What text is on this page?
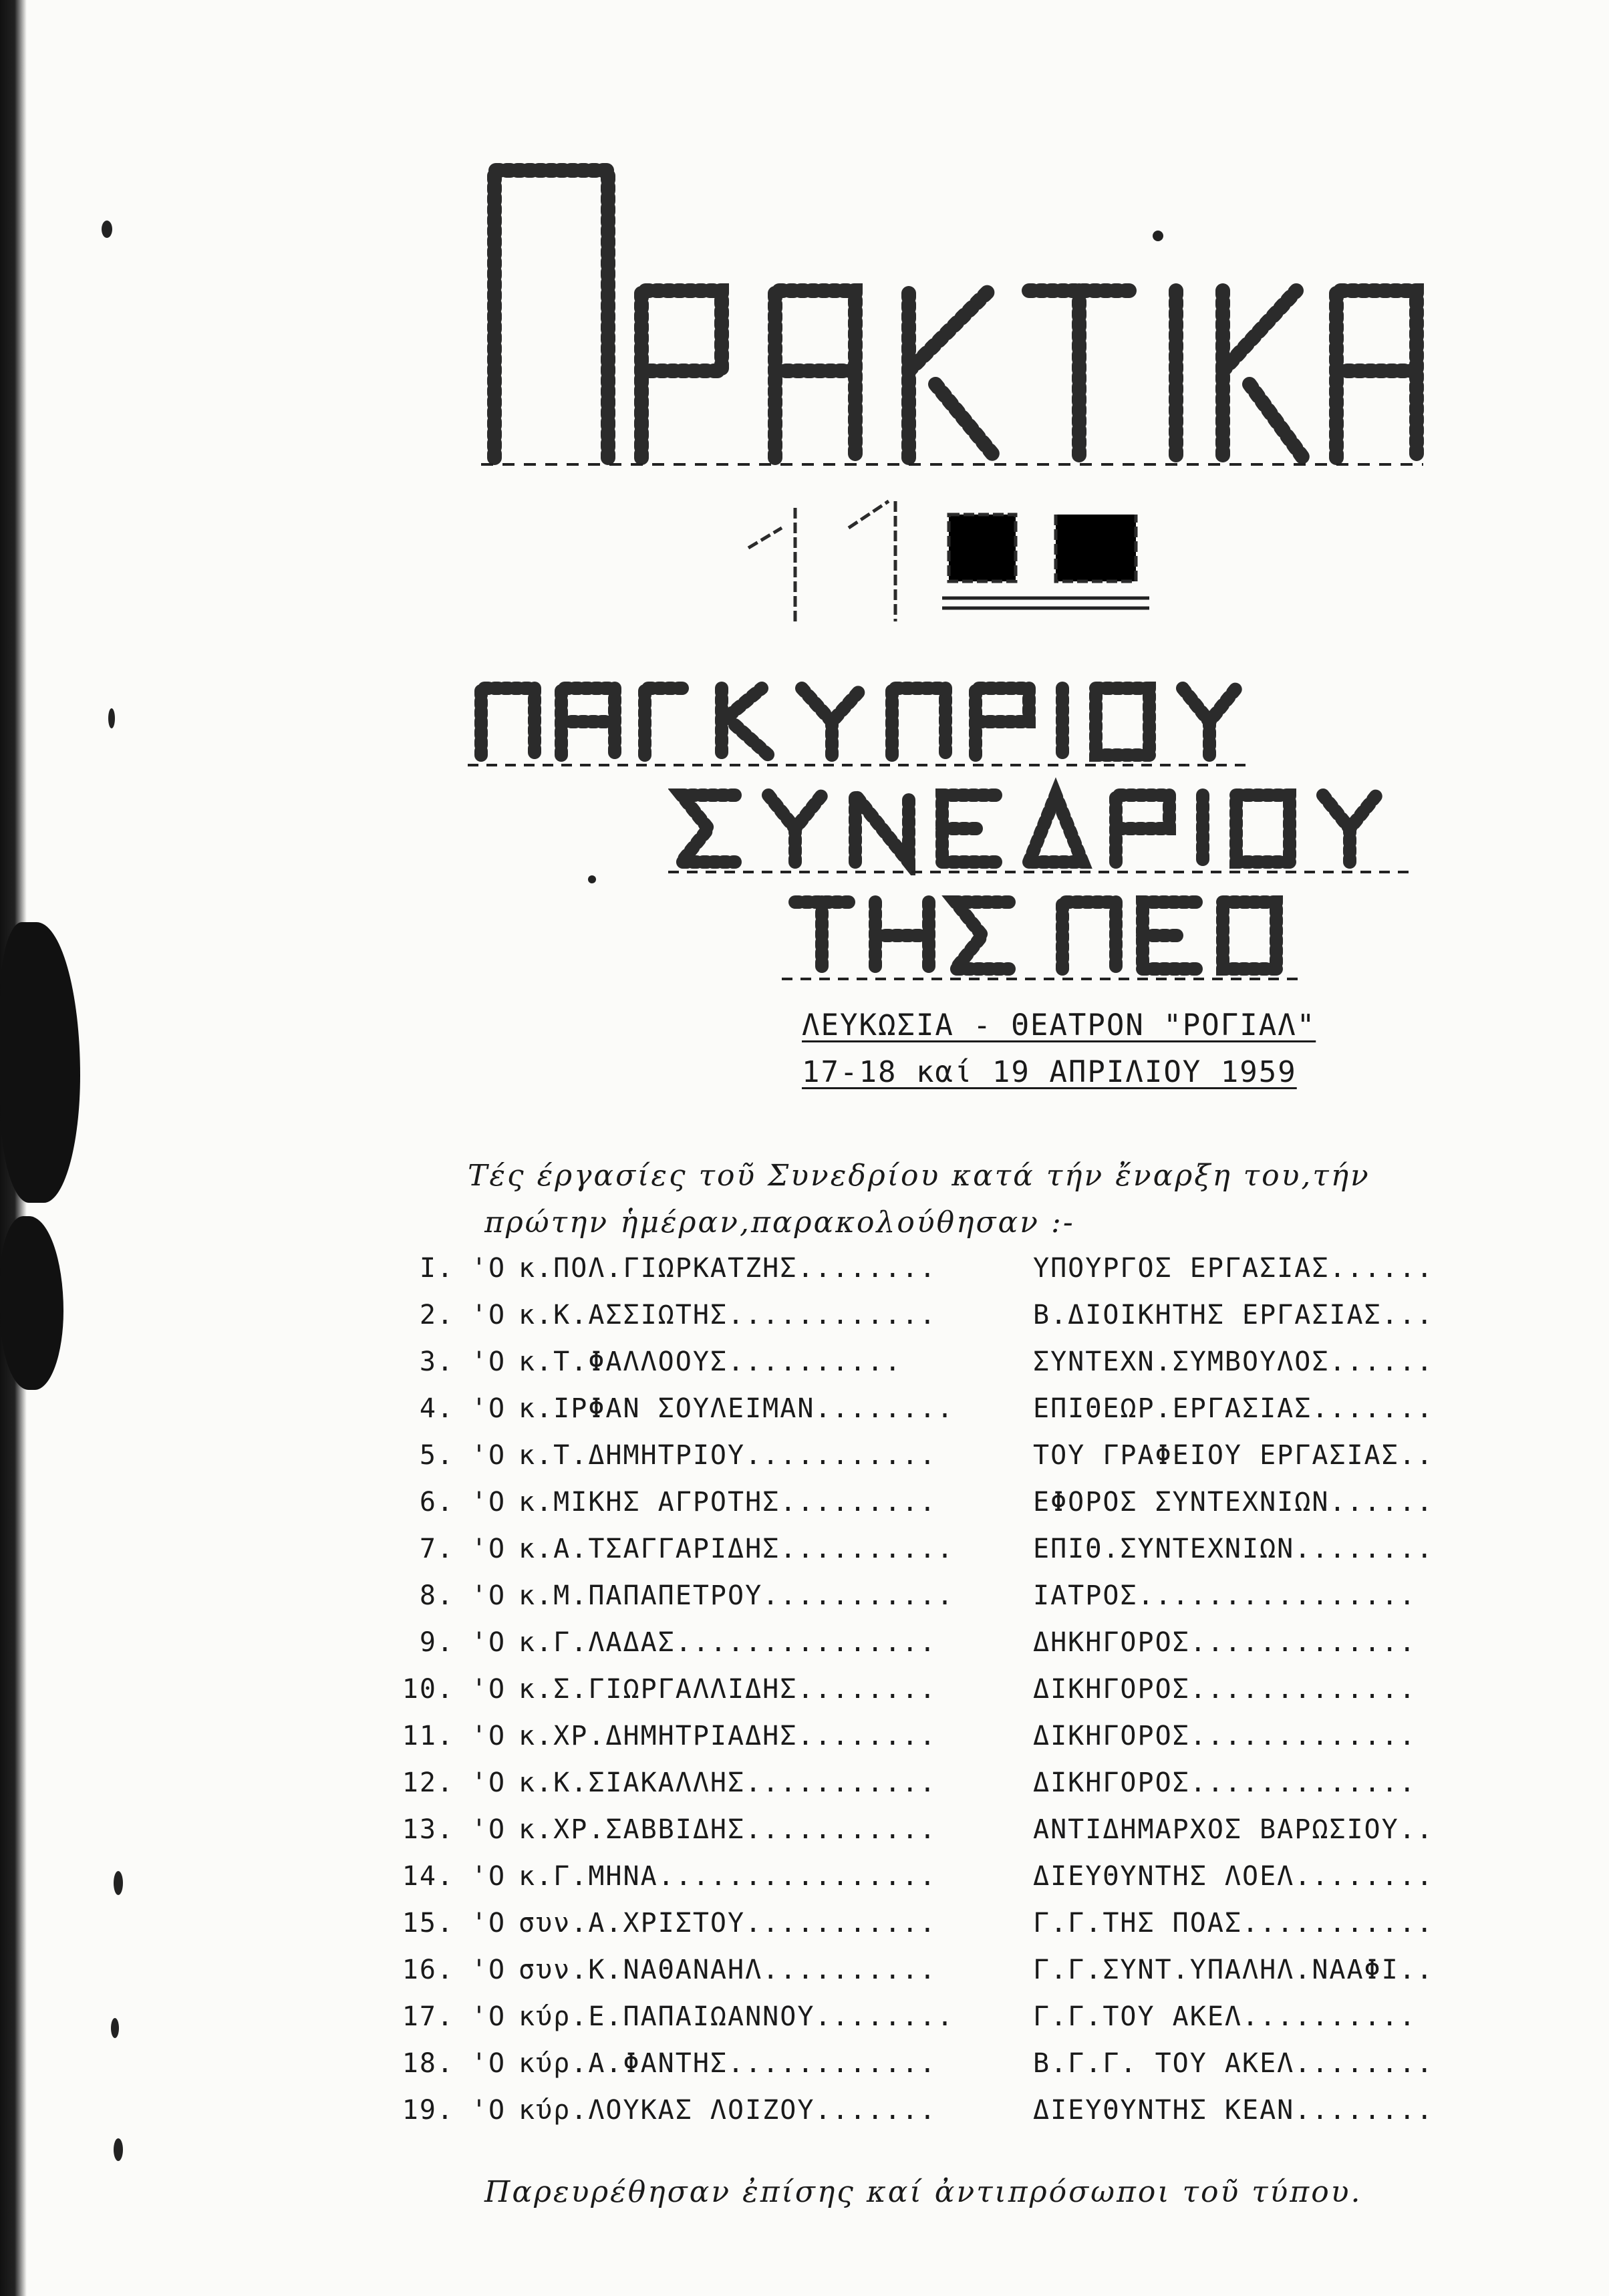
ΛΕΥΚΩΣΙΑ - ΘΕΑΤΡΟΝ "ΡΟΓΙΑΛ"
17-18 καί 19 ΑΠΡΙΛΙΟΥ 1959
Τές έργασίες τοῦ Συνεδρίου κατά τήν ἔναρξη του,τήν
πρώτην ἡμέραν,παρακολούθησαν :-
I. 'Ο κ.ΠΟΛ.ΓΙΩΡΚΑΤΖΗΣ........	ΥΠΟΥΡΓΟΣ ΕΡΓΑΣΙΑΣ......
2. 'Ο κ.Κ.ΑΣΣΙΩΤΗΣ............	Β.ΔΙΟΙΚΗΤΗΣ ΕΡΓΑΣΙΑΣ...
3. 'Ο κ.Τ.ΦΑΛΛΟΟΥΣ..........	ΣΥΝΤΕΧΝ.ΣΥΜΒΟΥΛΟΣ......
4. 'Ο κ.ΙΡΦΑΝ ΣΟΥΛΕΙΜΑΝ........	ΕΠΙΘΕΩΡ.ΕΡΓΑΣΙΑΣ.......
5. 'Ο κ.Τ.ΔΗΜΗΤΡΙΟΥ...........	ΤΟΥ ΓΡΑΦΕΙΟΥ ΕΡΓΑΣΙΑΣ..
6. 'Ο κ.ΜΙΚΗΣ ΑΓΡΟΤΗΣ.........	ΕΦΟΡΟΣ ΣΥΝΤΕΧΝΙΩΝ......
7. 'Ο κ.Α.ΤΣΑΓΓΑΡΙΔΗΣ..........	ΕΠΙΘ.ΣΥΝΤΕΧΝΙΩΝ........
8. 'Ο κ.Μ.ΠΑΠΑΠΕΤΡΟΥ...........	ΙΑΤΡΟΣ................
9. 'Ο κ.Γ.ΛΑΔΑΣ...............	ΔΗΚΗΓΟΡΟΣ.............
10. 'Ο κ.Σ.ΓΙΩΡΓΑΛΛΙΔΗΣ........	ΔΙΚΗΓΟΡΟΣ.............
11. 'Ο κ.ΧΡ.ΔΗΜΗΤΡΙΑΔΗΣ........	ΔΙΚΗΓΟΡΟΣ.............
12. 'Ο κ.Κ.ΣΙΑΚΑΛΛΗΣ...........	ΔΙΚΗΓΟΡΟΣ.............
13. 'Ο κ.ΧΡ.ΣΑΒΒΙΔΗΣ...........	ΑΝΤΙΔΗΜΑΡΧΟΣ ΒΑΡΩΣΙΟΥ..
14. 'Ο κ.Γ.ΜΗΝΑ................	ΔΙΕΥΘΥΝΤΗΣ ΛΟΕΛ........
15. 'Ο συν.Α.ΧΡΙΣΤΟΥ...........	Γ.Γ.ΤΗΣ ΠΟΑΣ...........
16. 'Ο συν.Κ.ΝΑΘΑΝΑΗΛ..........	Γ.Γ.ΣΥΝΤ.ΥΠΑΛΗΛ.ΝΑΑΦΙ..
17. 'Ο κύρ.Ε.ΠΑΠΑΙΩΑΝΝΟΥ........	Γ.Γ.ΤΟΥ ΑΚΕΛ..........
18. 'Ο κύρ.Α.ΦΑΝΤΗΣ............	Β.Γ.Γ. ΤΟΥ ΑΚΕΛ........
19. 'Ο κύρ.ΛΟΥΚΑΣ ΛΟΙΖΟΥ.......	ΔΙΕΥΘΥΝΤΗΣ ΚΕΑΝ........
Παρευρέθησαν ἐπίσης καί ἀντιπρόσωποι τοῦ τύπου.
